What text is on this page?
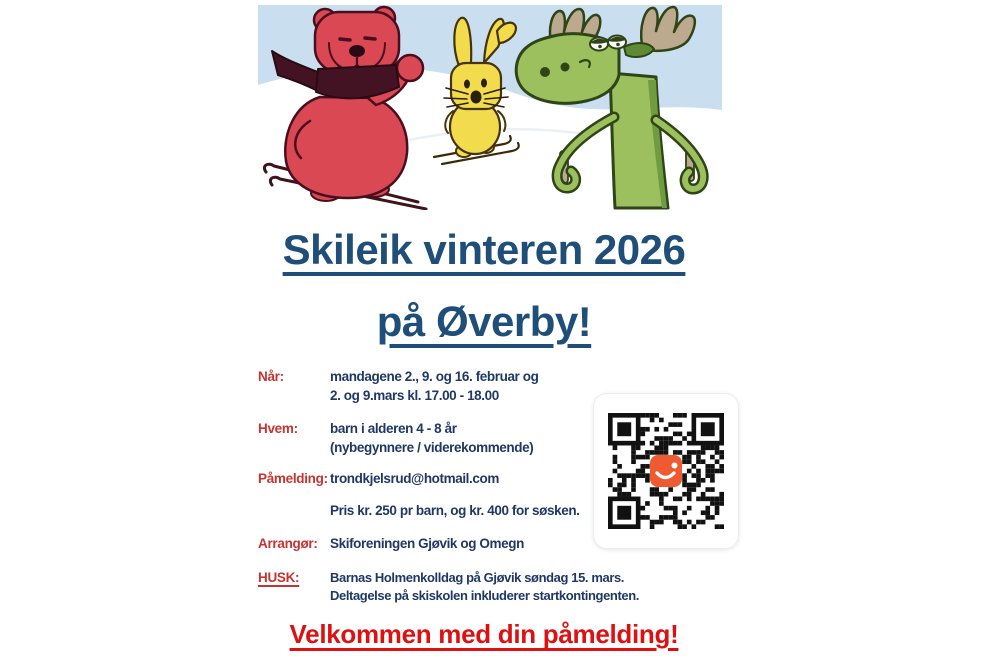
Skileik vinteren 2026
på Øverby!
Når:	mandagene 2., 9. og 16. februar og
2. og 9.mars kl. 17.00 - 18.00
Hvem:	barn i alderen 4 - 8 år
(nybegynnere / viderekommende)
Påmelding: trondkjelsrud@hotmail.com
Pris kr. 250 pr barn, og kr. 400 for søsken.
Arrangør: Skiforeningen Gjøvik og Omegn
HUSK:	Barnas Holmenkolldag på Gjøvik søndag 15. mars.
Deltagelse på skiskolen inkluderer startkontingenten.
Velkommen med din påmelding!
